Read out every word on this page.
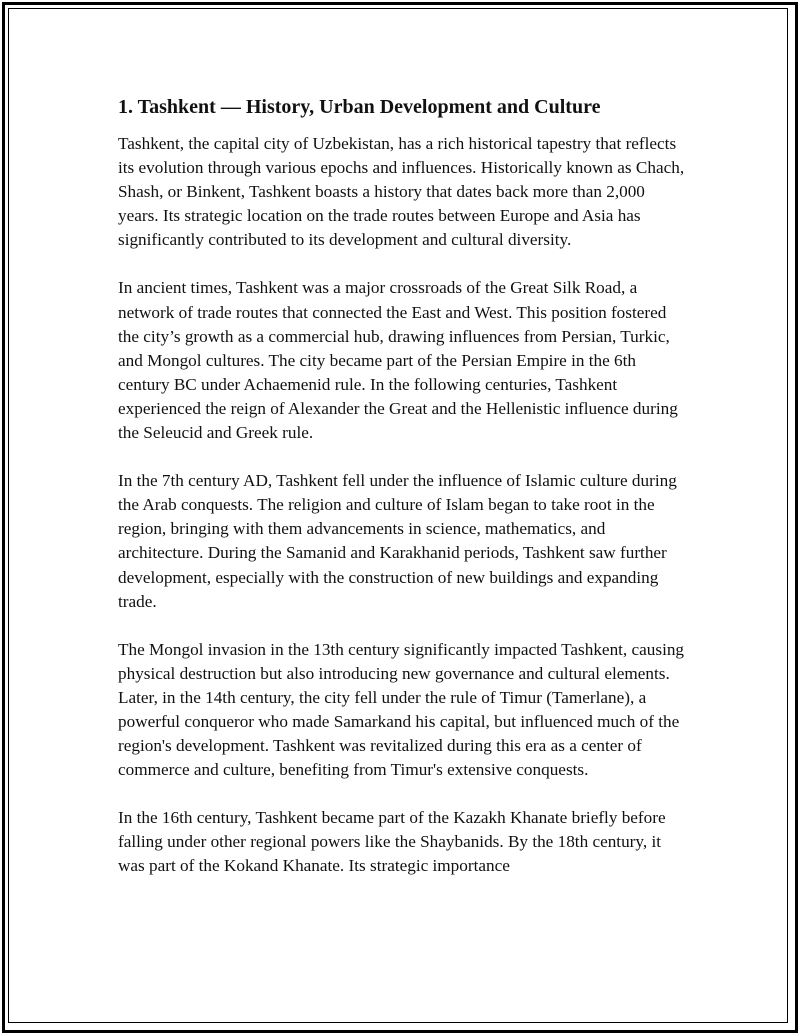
1. Tashkent — History, Urban Development and Culture

Tashkent, the capital city of Uzbekistan, has a rich historical tapestry that reflects its evolution through various epochs and influences. Historically known as Chach, Shash, or Binkent, Tashkent boasts a history that dates back more than 2,000 years. Its strategic location on the trade routes between Europe and Asia has significantly contributed to its development and cultural diversity.

In ancient times, Tashkent was a major crossroads of the Great Silk Road, a network of trade routes that connected the East and West. This position fostered the city’s growth as a commercial hub, drawing influences from Persian, Turkic, and Mongol cultures. The city became part of the Persian Empire in the 6th century BC under Achaemenid rule. In the following centuries, Tashkent experienced the reign of Alexander the Great and the Hellenistic influence during the Seleucid and Greek rule.

In the 7th century AD, Tashkent fell under the influence of Islamic culture during the Arab conquests. The religion and culture of Islam began to take root in the region, bringing with them advancements in science, mathematics, and architecture. During the Samanid and Karakhanid periods, Tashkent saw further development, especially with the construction of new buildings and expanding trade.

The Mongol invasion in the 13th century significantly impacted Tashkent, causing physical destruction but also introducing new governance and cultural elements. Later, in the 14th century, the city fell under the rule of Timur (Tamerlane), a powerful conqueror who made Samarkand his capital, but influenced much of the region's development. Tashkent was revitalized during this era as a center of commerce and culture, benefiting from Timur's extensive conquests.

In the 16th century, Tashkent became part of the Kazakh Khanate briefly before falling under other regional powers like the Shaybanids. By the 18th century, it was part of the Kokand Khanate. Its strategic importance
